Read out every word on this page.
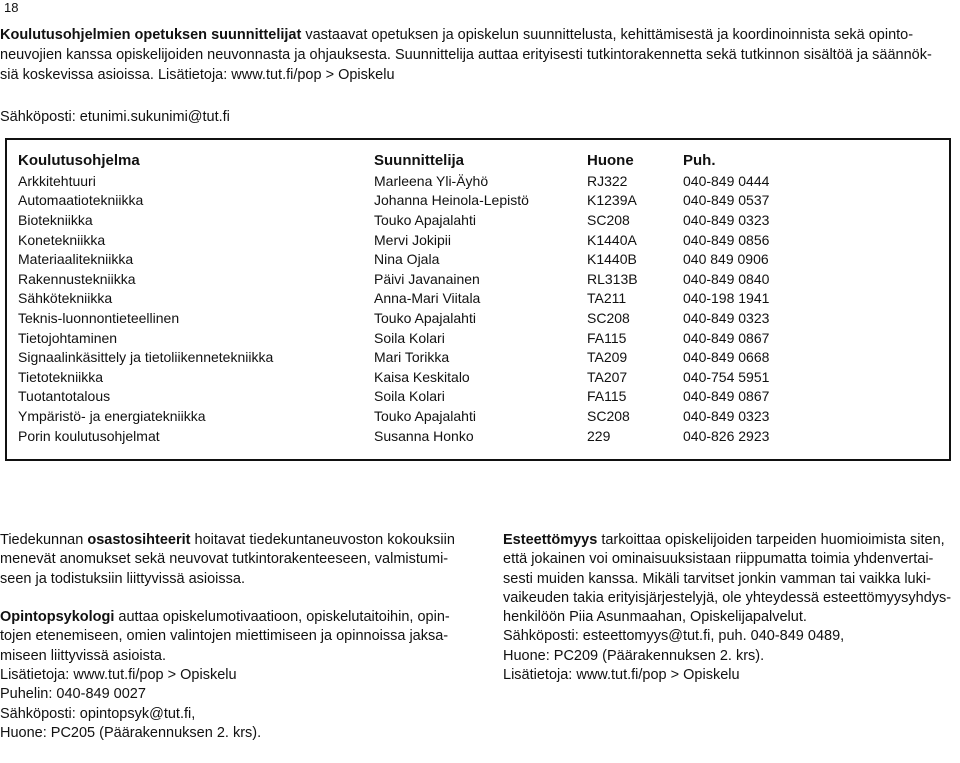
18

Koulutusohjelmien opetuksen suunnittelijat vastaavat opetuksen ja opiskelun suunnittelusta, kehittämisestä ja koordinoinnista sekä opinto-
neuvojien kanssa opiskelijoiden neuvonnasta ja ohjauksesta. Suunnittelija auttaa erityisesti tutkintorakennetta sekä tutkinnon sisältöä ja säännök-
siä koskevissa asioissa. Lisätietoja: www.tut.fi/pop > Opiskelu

Sähköposti: etunimi.sukunimi@tut.fi

Koulutusohjelma	Suunnittelija	Huone	Puh.
Arkkitehtuuri	Marleena Yli-Äyhö	RJ322	040-849 0444
Automaatiotekniikka	Johanna Heinola-Lepistö	K1239A	040-849 0537
Biotekniikka	Touko Apajalahti	SC208	040-849 0323
Konetekniikka	Mervi Jokipii	K1440A	040-849 0856
Materiaalitekniikka	Nina Ojala	K1440B	040 849 0906
Rakennustekniikka	Päivi Javanainen	RL313B	040-849 0840
Sähkötekniikka	Anna-Mari Viitala	TA211	040-198 1941
Teknis-luonnontieteellinen	Touko Apajalahti	SC208	040-849 0323
Tietojohtaminen	Soila Kolari	FA115	040-849 0867
Signaalinkäsittely ja tietoliikennetekniikka	Mari Torikka	TA209	040-849 0668
Tietotekniikka	Kaisa Keskitalo	TA207	040-754 5951
Tuotantotalous	Soila Kolari	FA115	040-849 0867
Ympäristö- ja energiatekniikka	Touko Apajalahti	SC208	040-849 0323
Porin koulutusohjelmat	Susanna Honko	229	040-826 2923

Tiedekunnan osastosihteerit hoitavat tiedekuntaneuvoston kokouksiin
menevät anomukset sekä neuvovat tutkintorakenteeseen, valmistumi-
seen ja todistuksiin liittyvissä asioissa.

Opintopsykologi auttaa opiskelumotivaatioon, opiskelutaitoihin, opin-
tojen etenemiseen, omien valintojen miettimiseen ja opinnoissa jaksa-
miseen liittyvissä asioista.
Lisätietoja: www.tut.fi/pop > Opiskelu
Puhelin: 040-849 0027
Sähköposti: opintopsyk@tut.fi,
Huone: PC205 (Päärakennuksen 2. krs).

Esteettömyys tarkoittaa opiskelijoiden tarpeiden huomioimista siten,
että jokainen voi ominaisuuksistaan riippumatta toimia yhdenvertai-
sesti muiden kanssa. Mikäli tarvitset jonkin vamman tai vaikka luki-
vaikeuden takia erityisjärjestelyjä, ole yhteydessä esteettömyysyhdys-
henkilöön Piia Asunmaahan, Opiskelijapalvelut.
Sähköposti: esteettomyys@tut.fi, puh. 040-849 0489,
Huone: PC209 (Päärakennuksen 2. krs).
Lisätietoja: www.tut.fi/pop > Opiskelu
